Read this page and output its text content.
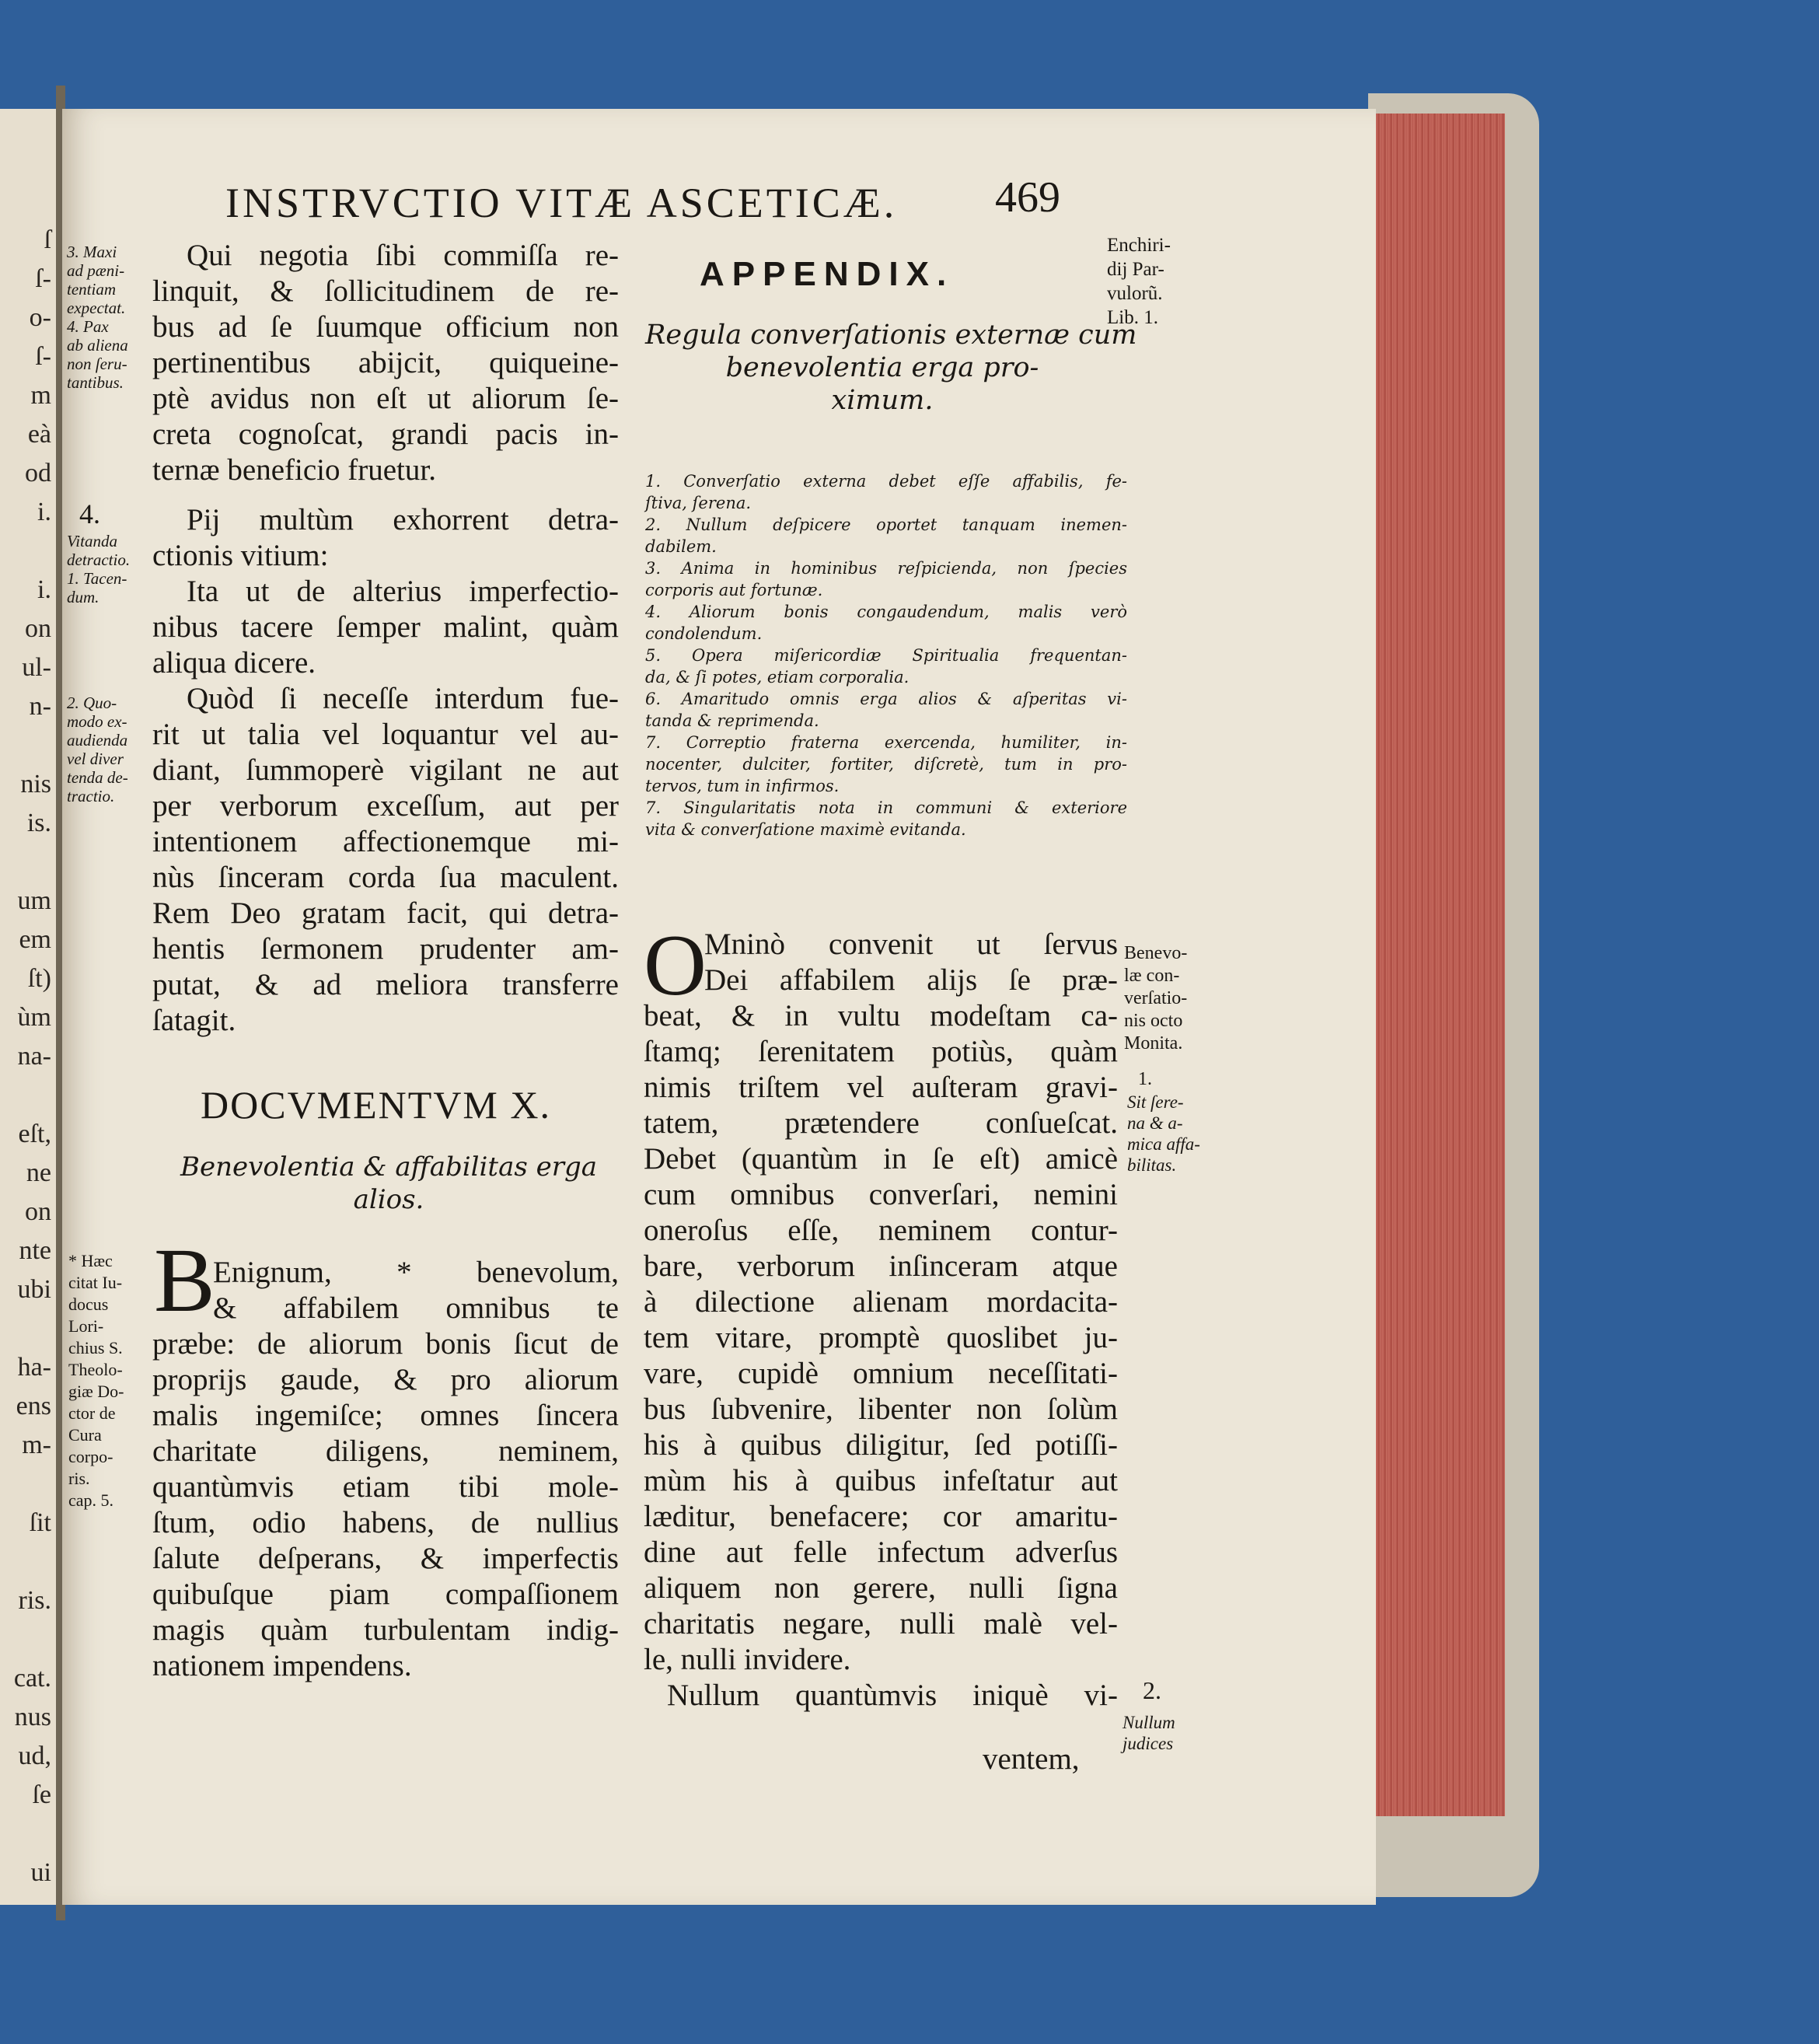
ſ
ſ-
o-
ſ-
m
eà
od
i.
i.
on
ul-
n-
nis
is.
um
em
ſt)
ùm
na-
eſt,
ne
on
nte
ubi
ha-
ens
m-
ſit
ris.
cat.
nus
ud,
ſe
ui
INSTRVCTIO VITÆ ASCETICÆ. 469
Enchiri-
dij Par-
vulorũ.
Lib. 1.
Qui negotia ſibi commiſſa re-
linquit, & ſollicitudinem de re-
bus ad ſe ſuumque officium non
pertinentibus abijcit, quiqueine-
ptè avidus non eſt ut aliorum ſe-
creta cognoſcat, grandi pacis in-
ternæ beneficio fruetur.
4.	Pij multùm exhorrent detra-
ctionis vitium:
Ita ut de alterius imperfectio-
nibus tacere ſemper malint, quàm
aliqua dicere.
Quòd ſi neceſſe interdum fue-
rit ut talia vel loquantur vel au-
diant, ſummoperè vigilant ne aut
per verborum exceſſum, aut per
intentionem affectionemque mi-
nùs ſinceram corda ſua maculent.
Rem Deo gratam facit, qui detra-
hentis ſermonem prudenter am-
putat, & ad meliora transferre
ſatagit.
DOCVMENTVM X.
Benevolentia & affabilitas erga
alios.
B
Enignum, * benevolum,
& affabilem omnibus te
præbe: de aliorum bonis ſicut de
proprijs gaude, & pro aliorum
malis ingemiſce; omnes ſincera
charitate diligens, neminem,
quantùmvis etiam tibi mole-
ſtum, odio habens, de nullius
ſalute deſperans, & imperfectis
quibuſque piam compaſſionem
magis quàm turbulentam indig-
nationem impendens.
3. Maxi
ad pæni-
tentiam
expectat.
4. Pax
ab aliena
non ſeru-
tantibus.
Vitanda
detractio.
1. Tacen-
dum.
2. Quo-
modo ex-
audienda
vel diver
tenda de-
tractio.
* Hæc
citat Iu-
docus
Lori-
chius S.
Theolo-
giæ Do-
ctor de
Cura
corpo-
ris.
cap. 5.
APPENDIX.
Regula converſationis externæ cum
benevolentia erga pro-
ximum.
1. Converſatio externa debet eſſe affabilis, fe-
ſtiva, ſerena.
2. Nullum deſpicere oportet tanquam inemen-
dabilem.
3. Anima in hominibus reſpicienda, non ſpecies
corporis aut fortunæ.
4. Aliorum bonis congaudendum, malis verò
condolendum.
5. Opera miſericordiæ Spiritualia frequentan-
da, & ſi potes, etiam corporalia.
6. Amaritudo omnis erga alios & aſperitas vi-
tanda & reprimenda.
7. Correptio fraterna exercenda, humiliter, in-
nocenter, dulciter, fortiter, diſcretè, tum in pro-
tervos, tum in infirmos.
7. Singularitatis nota in communi & exteriore
vita & converſatione maximè evitanda.
O
Mninò convenit ut ſervus
Dei affabilem alijs ſe præ-
beat, & in vultu modeſtam ca-
ſtamq; ſerenitatem potiùs, quàm
nimis triſtem vel auſteram gravi-
tatem, prætendere conſueſcat.
Debet (quantùm in ſe eſt) amicè
cum omnibus converſari, nemini
oneroſus eſſe, neminem contur-
bare, verborum inſinceram atque
à dilectione alienam mordacita-
tem vitare, promptè quoslibet ju-
vare, cupidè omnium neceſſitati-
bus ſubvenire, libenter non ſolùm
his à quibus diligitur, ſed potiſſi-
mùm his à quibus infeſtatur aut
læditur, benefacere; cor amaritu-
dine aut felle infectum adverſus
aliquem non gerere, nulli ſigna
charitatis negare, nulli malè vel-
le, nulli invidere.
Nullum quantùmvis iniquè vi-
ventem,
Benevo-
læ con-
verſatio-
nis octo
Monita.
1.
Sit ſere-
na & a-
mica affa-
bilitas.
2.
Nullum
judices
